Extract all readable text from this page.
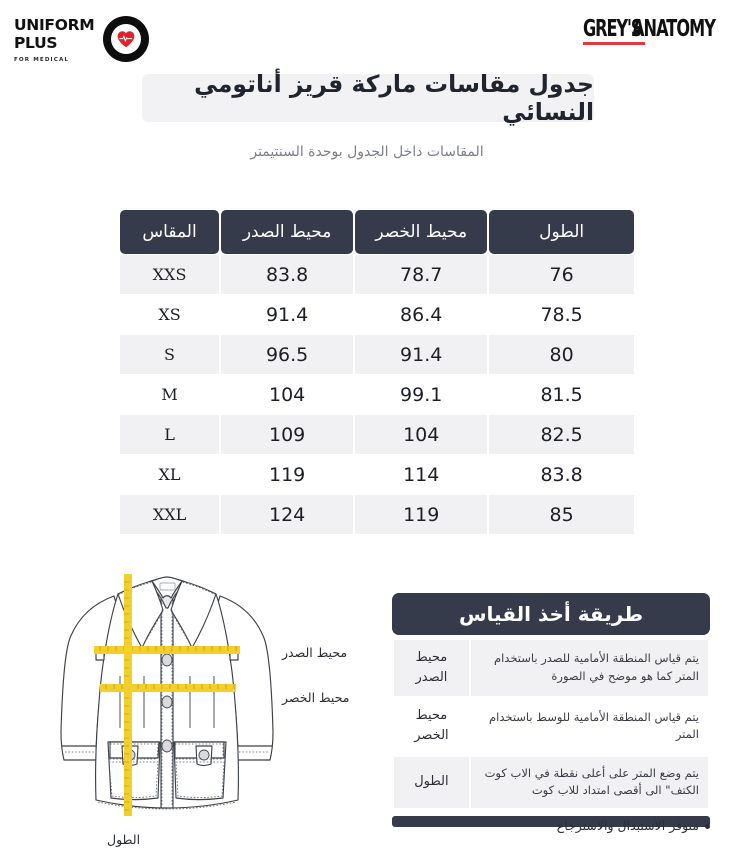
UNIFORM
PLUS
FOR MEDICAL
GREY'S
ANATOMY
جدول مقاسات ماركة قريز أناتومي النسائي
المقاسات داخل الجدول بوحدة السنتيمتر
الطول	محيط الخصر	محيط الصدر	المقاس
76	78.7	83.8	XXS
78.5	86.4	91.4	XS
80	91.4	96.5	S
81.5	99.1	104	M
82.5	104	109	L
83.8	114	119	XL
85	119	124	XXL
محيط الصدر
محيط الخصر
الطول
طريقة أخذ القياس
يتم قياس المنطقة الأمامية للصدر باستخدام المتر كما هو موضح في الصورة	محيط الصدر
يتم قياس المنطقة الأمامية للوسط باستخدام المتر	محيط الخصر
يتم وضع المتر على أعلى نقطة في الاب كوت الكتف" الى أقصى امتداد للاب كوت	الطول
متوفر الاستبدال والاسترجاع
